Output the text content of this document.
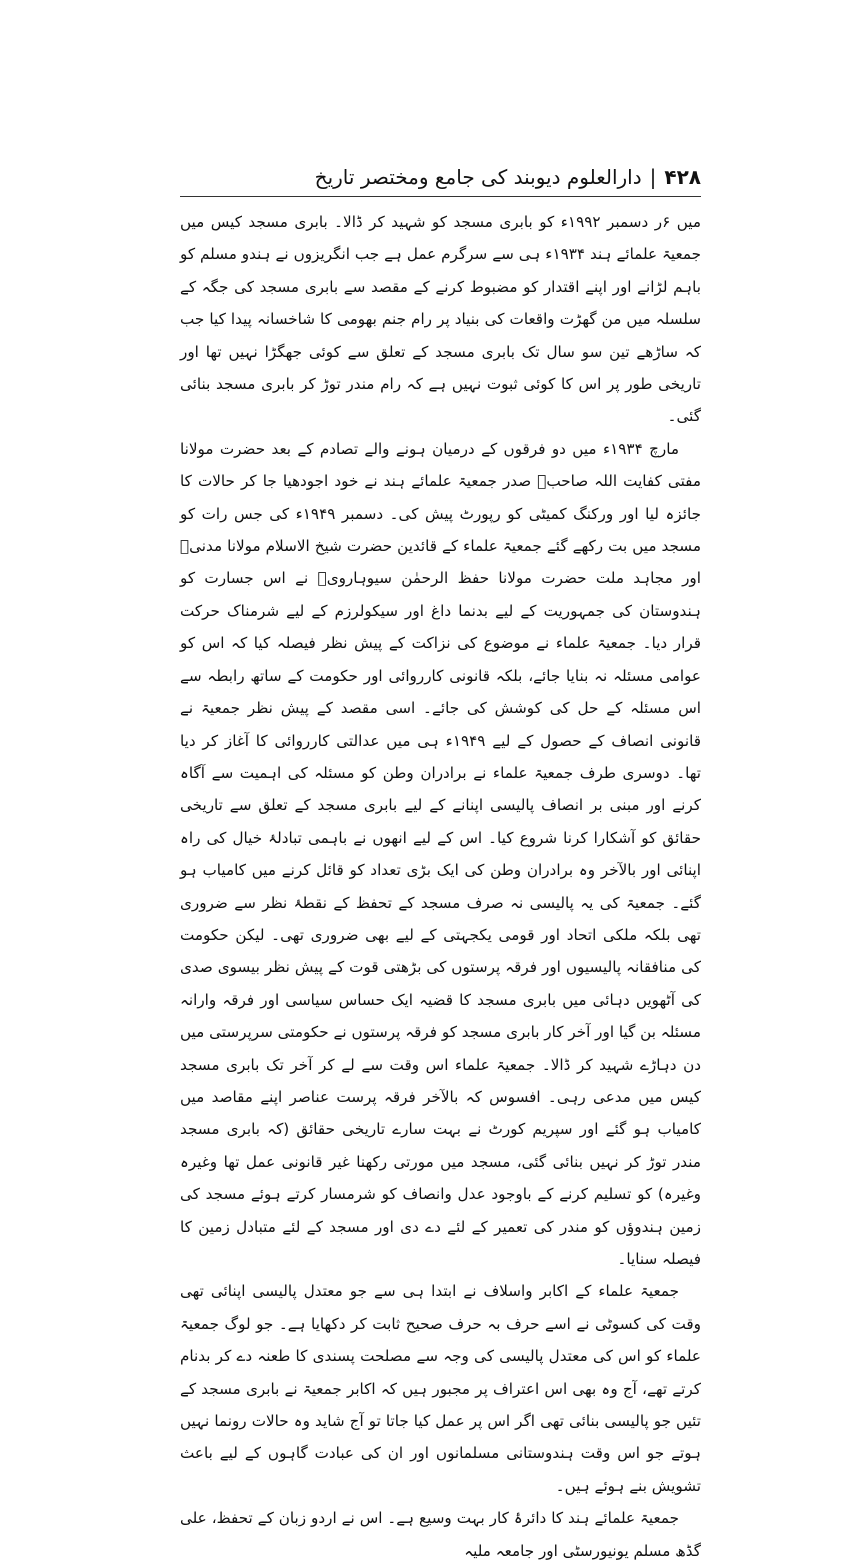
۴۲۸|دارالعلوم دیوبند کی جامع ومختصر تاریخ

میں ۶ر دسمبر ۱۹۹۲ء کو بابری مسجد کو شہید کر ڈالا۔ بابری مسجد کیس میں جمعیۃ علمائے ہند ۱۹۳۴ء ہی سے سرگرم عمل ہے جب انگریزوں نے ہندو مسلم کو باہم لڑانے اور اپنے اقتدار کو مضبوط کرنے کے مقصد سے بابری مسجد کی جگہ کے سلسلہ میں من گھڑت واقعات کی بنیاد پر رام جنم بھومی کا شاخسانہ پیدا کیا جب کہ ساڑھے تین سو سال تک بابری مسجد کے تعلق سے کوئی جھگڑا نہیں تھا اور تاریخی طور پر اس کا کوئی ثبوت نہیں ہے کہ رام مندر توڑ کر بابری مسجد بنائی گئی۔

مارچ ۱۹۳۴ء میں دو فرقوں کے درمیان ہونے والے تصادم کے بعد حضرت مولانا مفتی کفایت اللہ صاحبؒ صدر جمعیۃ علمائے ہند نے خود اجودھیا جا کر حالات کا جائزہ لیا اور ورکنگ کمیٹی کو رپورٹ پیش کی۔ دسمبر ۱۹۴۹ء کی جس رات کو مسجد میں بت رکھے گئے جمعیۃ علماء کے قائدین حضرت شیخ الاسلام مولانا مدنیؒ اور مجاہد ملت حضرت مولانا حفظ الرحمٰن سیوہارویؒ نے اس جسارت کو ہندوستان کی جمہوریت کے لیے بدنما داغ اور سیکولرزم کے لیے شرمناک حرکت قرار دیا۔ جمعیۃ علماء نے موضوع کی نزاکت کے پیش نظر فیصلہ کیا کہ اس کو عوامی مسئلہ نہ بنایا جائے، بلکہ قانونی کارروائی اور حکومت کے ساتھ رابطہ سے اس مسئلہ کے حل کی کوشش کی جائے۔ اسی مقصد کے پیش نظر جمعیۃ نے قانونی انصاف کے حصول کے لیے ۱۹۴۹ء ہی میں عدالتی کارروائی کا آغاز کر دیا تھا۔ دوسری طرف جمعیۃ علماء نے برادران وطن کو مسئلہ کی اہمیت سے آگاہ کرنے اور مبنی بر انصاف پالیسی اپنانے کے لیے بابری مسجد کے تعلق سے تاریخی حقائق کو آشکارا کرنا شروع کیا۔ اس کے لیے انھوں نے باہمی تبادلۂ خیال کی راہ اپنائی اور بالآخر وہ برادران وطن کی ایک بڑی تعداد کو قائل کرنے میں کامیاب ہو گئے۔ جمعیۃ کی یہ پالیسی نہ صرف مسجد کے تحفظ کے نقطۂ نظر سے ضروری تھی بلکہ ملکی اتحاد اور قومی یکجہتی کے لیے بھی ضروری تھی۔ لیکن حکومت کی منافقانہ پالیسیوں اور فرقہ پرستوں کی بڑھتی قوت کے پیش نظر بیسوی صدی کی آٹھویں دہائی میں بابری مسجد کا قضیہ ایک حساس سیاسی اور فرقہ وارانہ مسئلہ بن گیا اور آخر کار بابری مسجد کو فرقہ پرستوں نے حکومتی سرپرستی میں دن دہاڑے شہید کر ڈالا۔ جمعیۃ علماء اس وقت سے لے کر آخر تک بابری مسجد کیس میں مدعی رہی۔ افسوس کہ بالآخر فرقہ پرست عناصر اپنے مقاصد میں کامیاب ہو گئے اور سپریم کورٹ نے بہت سارے تاریخی حقائق (کہ بابری مسجد مندر توڑ کر نہیں بنائی گئی، مسجد میں مورتی رکھنا غیر قانونی عمل تھا وغیرہ وغیرہ) کو تسلیم کرنے کے باوجود عدل وانصاف کو شرمسار کرتے ہوئے مسجد کی زمین ہندوؤں کو مندر کی تعمیر کے لئے دے دی اور مسجد کے لئے متبادل زمین کا فیصلہ سنایا۔

جمعیۃ علماء کے اکابر واسلاف نے ابتدا ہی سے جو معتدل پالیسی اپنائی تھی وقت کی کسوٹی نے اسے حرف بہ حرف صحیح ثابت کر دکھایا ہے۔ جو لوگ جمعیۃ علماء کو اس کی معتدل پالیسی کی وجہ سے مصلحت پسندی کا طعنہ دے کر بدنام کرتے تھے، آج وہ بھی اس اعتراف پر مجبور ہیں کہ اکابر جمعیۃ نے بابری مسجد کے تئیں جو پالیسی بنائی تھی اگر اس پر عمل کیا جاتا تو آج شاید وہ حالات رونما نہیں ہوتے جو اس وقت ہندوستانی مسلمانوں اور ان کی عبادت گاہوں کے لیے باعث تشویش بنے ہوئے ہیں۔

جمعیۃ علمائے ہند کا دائرۂ کار بہت وسیع ہے۔ اس نے اردو زبان کے تحفظ، علی گڈھ مسلم یونیورسٹی اور جامعہ ملیہ
